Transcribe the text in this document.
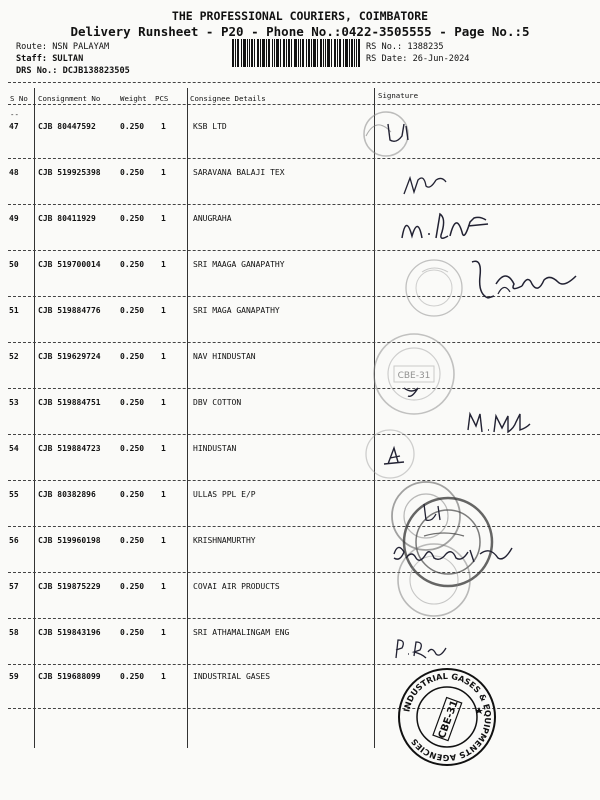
THE PROFESSIONAL COURIERS, COIMBATORE
Delivery Runsheet - P20 - Phone No.:0422-3505555 - Page No.:5
Route: NSN PALAYAM
Staff: SULTAN
DRS No.: DCJB138823505
RS No.: 1388235
RS Date: 26-Jun-2024
S No
--
Consignment No	Weight PCS	Consignee Details	Signature
47 CJB 80447592	0.250 1	KSB LTD
48 CJB 519925398 0.250 1	SARAVANA BALAJI TEX
49 CJB 80411929	0.250 1	ANUGRAHA
50 CJB 519700014 0.250 1	SRI MAAGA GANAPATHY
51 CJB 519884776 0.250 1	SRI MAGA GANAPATHY
52 CJB 519629724 0.250 1	NAV HINDUSTAN
53 CJB 519884751 0.250 1	DBV COTTON
54 CJB 519884723 0.250 1	HINDUSTAN
55 CJB 80382896	0.250 1	ULLAS PPL E/P
56 CJB 519960198 0.250 1	KRISHNAMURTHY
57 CJB 519875229 0.250 1	COVAI AIR PRODUCTS
58 CJB 519843196 0.250 1	SRI ATHAMALINGAM ENG
59 CJB 519688099 0.250 1	INDUSTRIAL GASES
CBE-31
INDUSTRIAL GASES & EQUIPMENTS AGENCIES
CBE-31
